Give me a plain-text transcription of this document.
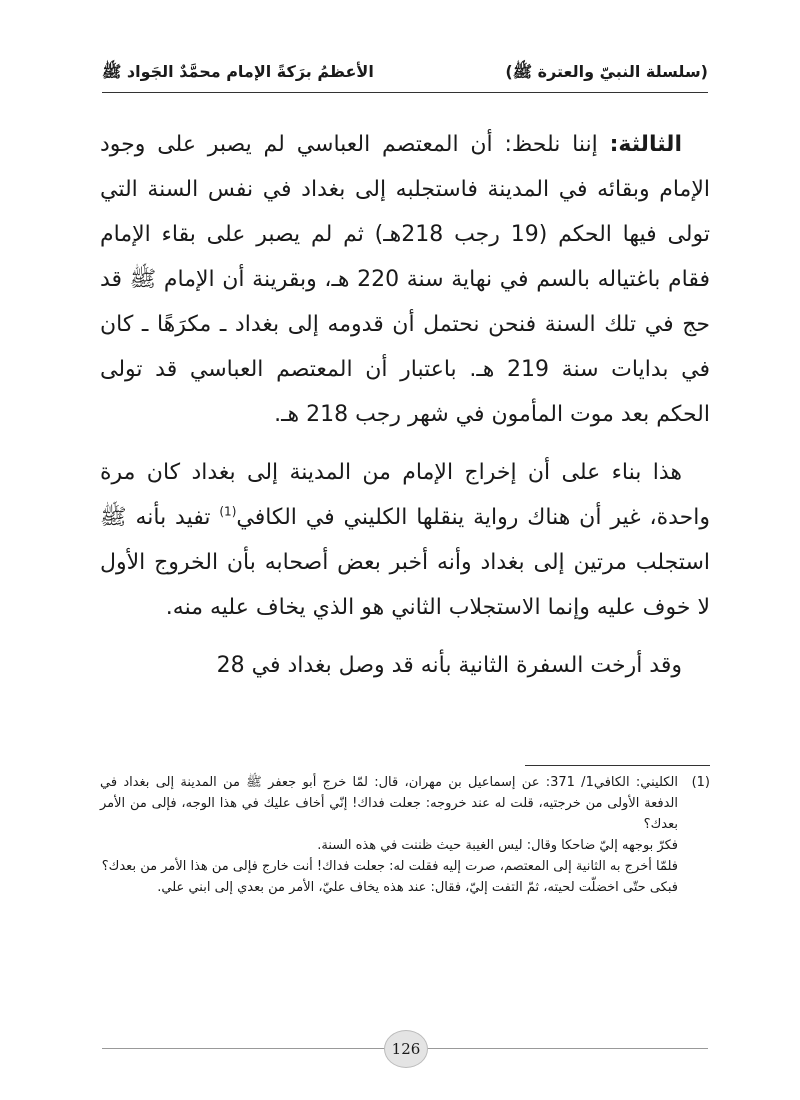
(سلسلة النبيّ والعترة ﷺ)
الأعظمُ برَكةً الإمام محمَّدٌ الجَواد ﷺ

الثالثة: إننا نلحظ: أن المعتصم العباسي لم يصبر على وجود الإمام وبقائه في المدينة فاستجلبه إلى بغداد في نفس السنة التي تولى فيها الحكم (19 رجب 218هـ) ثم لم يصبر على بقاء الإمام فقام باغتياله بالسم في نهاية سنة 220 هـ، وبقرينة أن الإمام ﷺ قد حج في تلك السنة فنحن نحتمل أن قدومه إلى بغداد ـ مكرَهًا ـ كان في بدايات سنة 219 هـ. باعتبار أن المعتصم العباسي قد تولى الحكم بعد موت المأمون في شهر رجب 218 هـ.

هذا بناء على أن إخراج الإمام من المدينة إلى بغداد كان مرة واحدة، غير أن هناك رواية ينقلها الكليني في الكافي$^{(1)}$ تفيد بأنه ﷺ استجلب مرتين إلى بغداد وأنه أخبر بعض أصحابه بأن الخروج الأول لا خوف عليه وإنما الاستجلاب الثاني هو الذي يخاف عليه منه.

وقد أرخت السفرة الثانية بأنه قد وصل بغداد في 28

(1)
الكليني: الكافي1/ 371: عن إسماعيل بن مهران، قال: لمّا خرج أبو جعفر ﷺ من المدينة إلى بغداد في الدفعة الأولى من خرجتيه، قلت له عند خروجه: جعلت فداك! إنّي أخاف عليك في هذا الوجه، فإلى من الأمر بعدك؟

فكرّ بوجهه إليّ ضاحكا وقال: ليس الغيبة حيث ظننت في هذه السنة.

فلمّا أخرج به الثانية إلى المعتصم، صرت إليه فقلت له: جعلت فداك! أنت خارج فإلى من هذا الأمر من بعدك؟

فبكى حتّى اخضلّت لحيته، ثمّ التفت إليّ، فقال: عند هذه يخاف عليّ، الأمر من بعدي إلى ابني علي.

126
